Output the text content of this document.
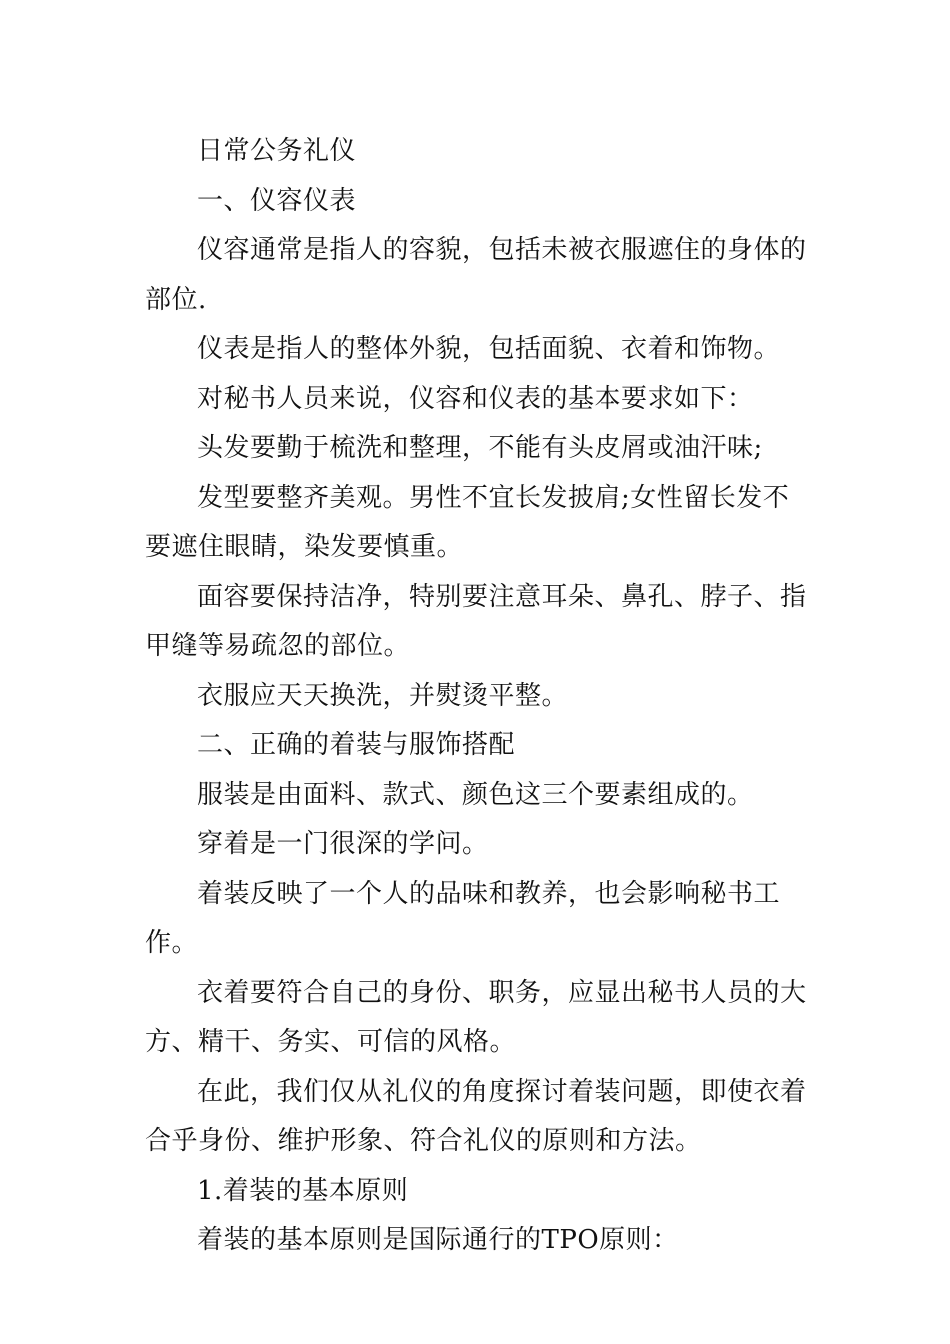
日常公务礼仪

一、仪容仪表

仪容通常是指人的容貌，包括未被衣服遮住的身体的部位.

仪表是指人的整体外貌，包括面貌、衣着和饰物。

对秘书人员来说，仪容和仪表的基本要求如下：

头发要勤于梳洗和整理，不能有头皮屑或油汗味;

发型要整齐美观。男性不宜长发披肩;女性留长发不要遮住眼睛，染发要慎重。

面容要保持洁净，特别要注意耳朵、鼻孔、脖子、指甲缝等易疏忽的部位。

衣服应天天换洗，并熨烫平整。

二、正确的着装与服饰搭配

服装是由面料、款式、颜色这三个要素组成的。

穿着是一门很深的学问。

着装反映了一个人的品味和教养，也会影响秘书工作。

衣着要符合自己的身份、职务，应显出秘书人员的大方、精干、务实、可信的风格。

在此，我们仅从礼仪的角度探讨着装问题，即使衣着合乎身份、维护形象、符合礼仪的原则和方法。

1.着装的基本原则

着装的基本原则是国际通行的TPO原则：
